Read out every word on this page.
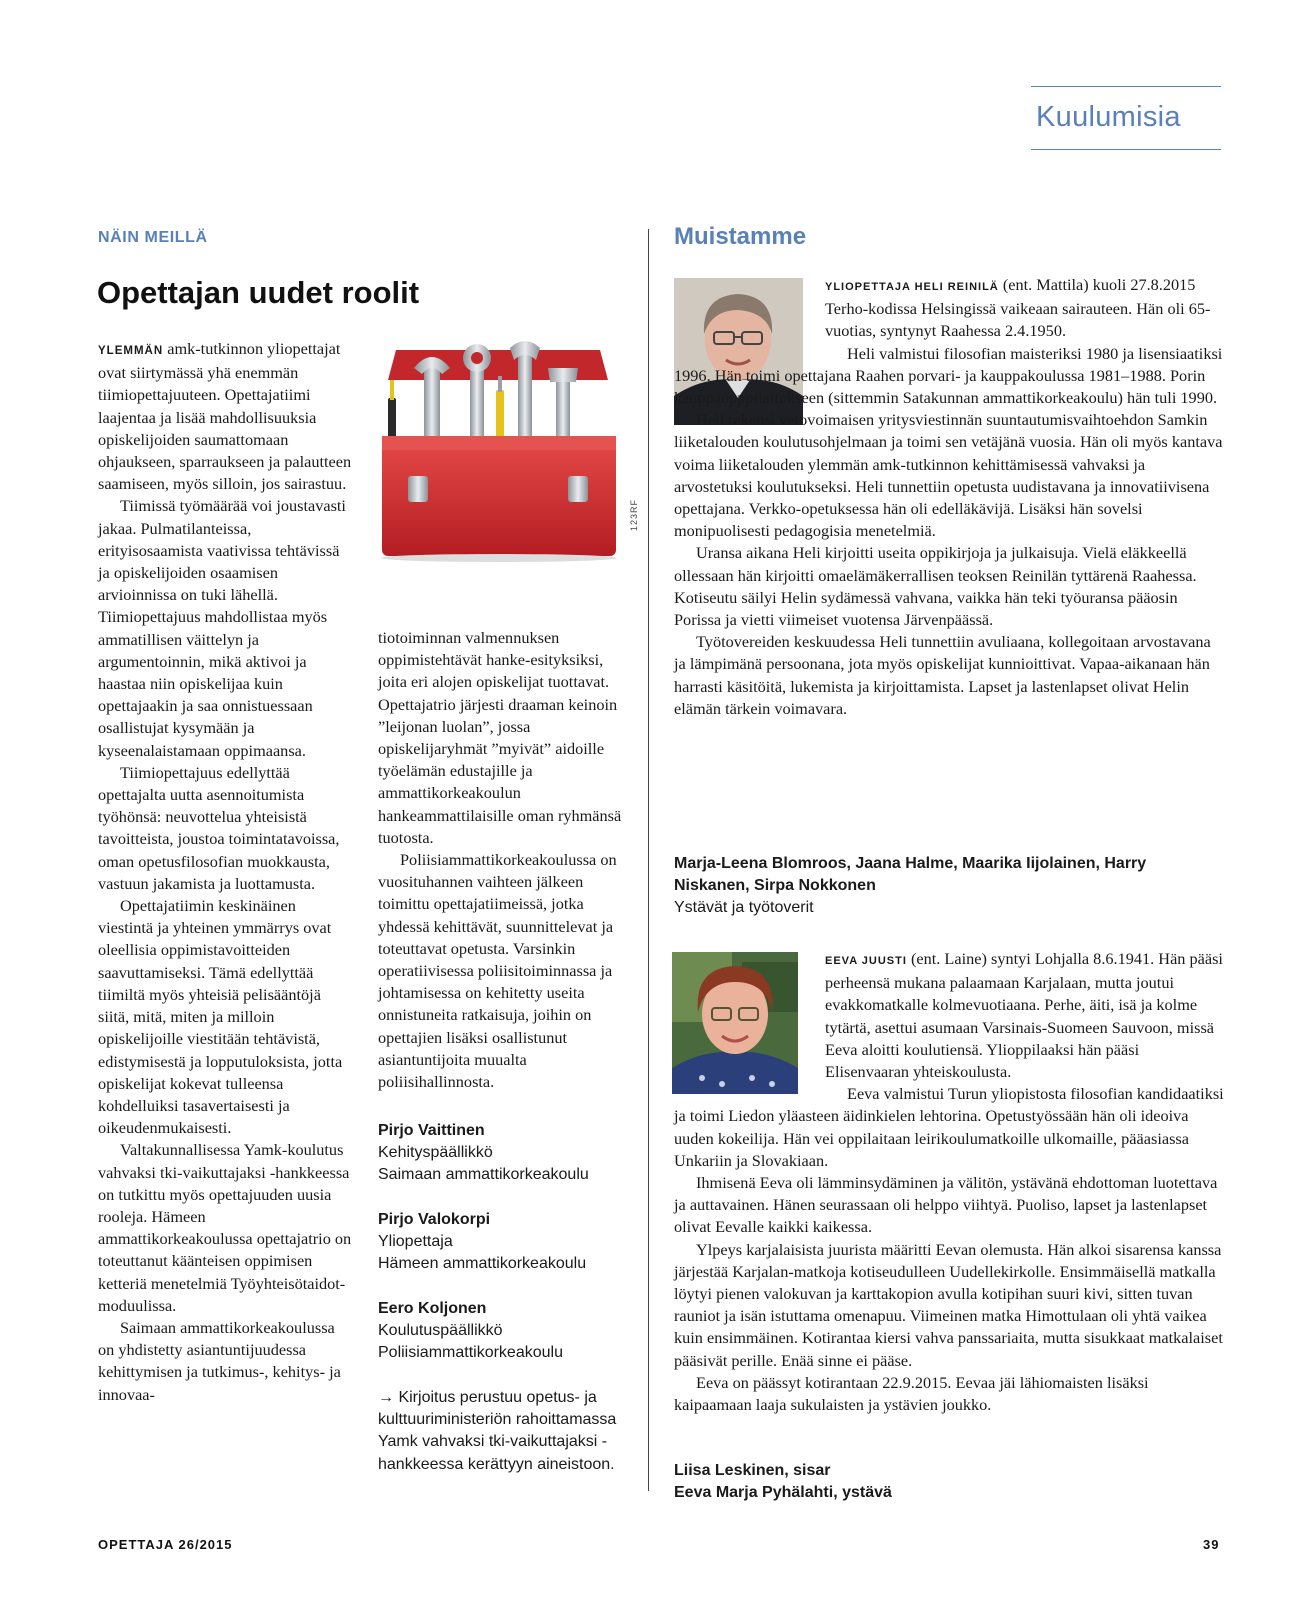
Kuulumisia
NÄIN MEILLÄ
Opettajan uudet roolit

YLEMMÄN amk-tutkinnon yliopettajat ovat siirtymässä yhä enemmän tiimiopettajuuteen. Opettajatiimi laajentaa ja lisää mahdollisuuksia opiskelijoiden saumattomaan ohjaukseen, sparraukseen ja palautteen saamiseen, myös silloin, jos sairastuu.

Tiimissä työmäärää voi joustavasti jakaa. Pulmatilanteissa, erityisosaamista vaativissa tehtävissä ja opiskelijoiden osaamisen arvioinnissa on tuki lähellä. Tiimiopettajuus mahdollistaa myös ammatillisen väittelyn ja argumentoinnin, mikä aktivoi ja haastaa niin opiskelijaa kuin opettajaakin ja saa onnistuessaan osallistujat kysymään ja kyseenalaistamaan oppimaansa.

Tiimiopettajuus edellyttää opettajalta uutta asennoitumista työhönsä: neuvottelua yhteisistä tavoitteista, joustoa toimintatavoissa, oman opetusfilosofian muokkausta, vastuun jakamista ja luottamusta.

Opettajatiimin keskinäinen viestintä ja yhteinen ymmärrys ovat oleellisia oppimistavoitteiden saavuttamiseksi. Tämä edellyttää tiimiltä myös yhteisiä pelisääntöjä siitä, mitä, miten ja milloin opiskelijoille viestitään tehtävistä, edistymisestä ja lopputuloksista, jotta opiskelijat kokevat tulleensa kohdelluiksi tasavertaisesti ja oikeudenmukaisesti.

Valtakunnallisessa Yamk-koulutus vahvaksi tki-vaikuttajaksi -hankkeessa on tutkittu myös opettajuuden uusia rooleja. Hämeen ammattikorkeakoulussa opettajatrio on toteuttanut käänteisen oppimisen ketteriä menetelmiä Työyhteisötaidot-moduulissa.

Saimaan ammattikorkeakoulussa on yhdistetty asiantuntijuudessa kehittymisen ja tutkimus-, kehitys- ja innovaa-

123RF

tiotoiminnan valmennuksen oppimistehtävät hanke-esityksiksi, joita eri alojen opiskelijat tuottavat. Opettajatrio järjesti draaman keinoin ”leijonan luolan”, jossa opiskelijaryhmät ”myivät” aidoille työelämän edustajille ja ammattikorkeakoulun hankeammattilaisille oman ryhmänsä tuotosta.

Poliisiammattikorkeakoulussa on vuosituhannen vaihteen jälkeen toimittu opettajatiimeissä, jotka yhdessä kehittävät, suunnittelevat ja toteuttavat opetusta. Varsinkin operatiivisessa poliisitoiminnassa ja johtamisessa on kehitetty useita onnistuneita ratkaisuja, joihin on opettajien lisäksi osallistunut asiantuntijoita muualta poliisihallinnosta.

Pirjo Vaittinen
Kehityspäällikkö
Saimaan ammattikorkeakoulu
Pirjo Valokorpi
Yliopettaja
Hämeen ammattikorkeakoulu
Eero Koljonen
Koulutuspäällikkö
Poliisiammattikorkeakoulu
→ Kirjoitus perustuu opetus- ja kulttuuriministeriön rahoittamassa Yamk vahvaksi tki-vaikuttajaksi -hankkeessa kerättyyn aineistoon.
Muistamme

YLIOPETTAJA HELI REINILÄ (ent. Mattila) kuoli 27.8.2015 Terho-kodissa Helsingissä vaikeaan sairauteen. Hän oli 65-vuotias, syntynyt Raahessa 2.4.1950.

Heli valmistui filosofian maisteriksi 1980 ja lisensiaatiksi 1996. Hän toimi opettajana Raahen porvari- ja kauppakoulussa 1981–1988. Porin kauppaopppilaitokseen (sittemmin Satakunnan ammattikorkeakoulu) hän tuli 1990.

Heli rakensi vetovoimaisen yritysviestinnän suuntautumisvaihtoehdon Samkin liiketalouden koulutusohjelmaan ja toimi sen vetäjänä vuosia. Hän oli myös kantava voima liiketalouden ylemmän amk-tutkinnon kehittämisessä vahvaksi ja arvostetuksi koulutukseksi. Heli tunnettiin opetusta uudistavana ja innovatiivisena opettajana. Verkko-opetuksessa hän oli edelläkävijä. Lisäksi hän sovelsi monipuolisesti pedagogisia menetelmiä.

Uransa aikana Heli kirjoitti useita oppikirjoja ja julkaisuja. Vielä eläkkeellä ollessaan hän kirjoitti omaelämäkerrallisen teoksen Reinilän tyttärenä Raahessa. Kotiseutu säilyi Helin sydämessä vahvana, vaikka hän teki työuransa pääosin Porissa ja vietti viimeiset vuotensa Järvenpäässä.

Työtovereiden keskuudessa Heli tunnettiin avuliaana, kollegoitaan arvostavana ja lämpimänä persoonana, jota myös opiskelijat kunnioittivat. Vapaa-aikanaan hän harrasti käsitöitä, lukemista ja kirjoittamista. Lapset ja lastenlapset olivat Helin elämän tärkein voimavara.

Marja-Leena Blomroos, Jaana Halme, Maarika Iijolainen, Harry Niskanen, Sirpa Nokkonen
Ystävät ja työtoverit

EEVA JUUSTI (ent. Laine) syntyi Lohjalla 8.6.1941. Hän pääsi perheensä mukana palaamaan Karjalaan, mutta joutui evakkomatkalle kolmevuotiaana. Perhe, äiti, isä ja kolme tytärtä, asettui asumaan Varsinais-Suomeen Sauvoon, missä Eeva aloitti koulutiensä. Ylioppilaaksi hän pääsi Elisenvaaran yhteiskoulusta.

Eeva valmistui Turun yliopistosta filosofian kandidaatiksi ja toimi Liedon yläasteen äidinkielen lehtorina. Opetustyössään hän oli ideoiva uuden kokeilija. Hän vei oppilaitaan leirikoulumatkoille ulkomaille, pääasiassa Unkariin ja Slovakiaan.

Ihmisenä Eeva oli lämminsydäminen ja välitön, ystävänä ehdottoman luotettava ja auttavainen. Hänen seurassaan oli helppo viihtyä. Puoliso, lapset ja lastenlapset olivat Eevalle kaikki kaikessa.

Ylpeys karjalaisista juurista määritti Eevan olemusta. Hän alkoi sisarensa kanssa järjestää Karjalan-matkoja kotiseudulleen Uudellekirkolle. Ensimmäisellä matkalla löytyi pienen valokuvan ja karttakopion avulla kotipihan suuri kivi, sitten tuvan rauniot ja isän istuttama omenapuu. Viimeinen matka Himottulaan oli yhtä vaikea kuin ensimmäinen. Kotirantaa kiersi vahva panssariaita, mutta sisukkaat matkalaiset pääsivät perille. Enää sinne ei pääse.

Eeva on päässyt kotirantaan 22.9.2015. Eevaa jäi lähiomaisten lisäksi kaipaamaan laaja sukulaisten ja ystävien joukko.

Liisa Leskinen, sisar
Eeva Marja Pyhälahti, ystävä
OPETTAJA 26/2015	39
